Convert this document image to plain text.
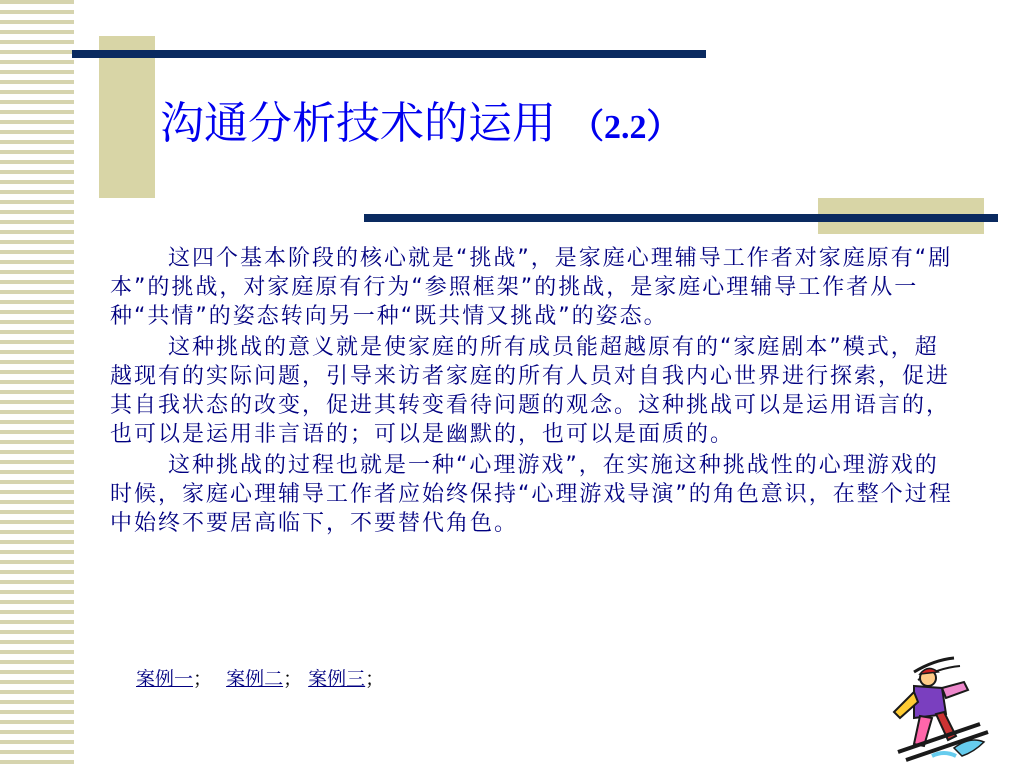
沟通分析技术的运用 （2.2）

这四个基本阶段的核心就是“挑战”，是家庭心理辅导工作者对家庭原有“剧本”的挑战，对家庭原有行为“参照框架”的挑战，是家庭心理辅导工作者从一种“共情”的姿态转向另一种“既共情又挑战”的姿态。

这种挑战的意义就是使家庭的所有成员能超越原有的“家庭剧本”模式，超越现有的实际问题，引导来访者家庭的所有人员对自我内心世界进行探索，促进其自我状态的改变，促进其转变看待问题的观念。这种挑战可以是运用语言的，也可以是运用非言语的；可以是幽默的，也可以是面质的。

这种挑战的过程也就是一种“心理游戏”，在实施这种挑战性的心理游戏的时候，家庭心理辅导工作者应始终保持“心理游戏导演”的角色意识，在整个过程中始终不要居高临下，不要替代角色。

案例一； 案例二； 案例三；
